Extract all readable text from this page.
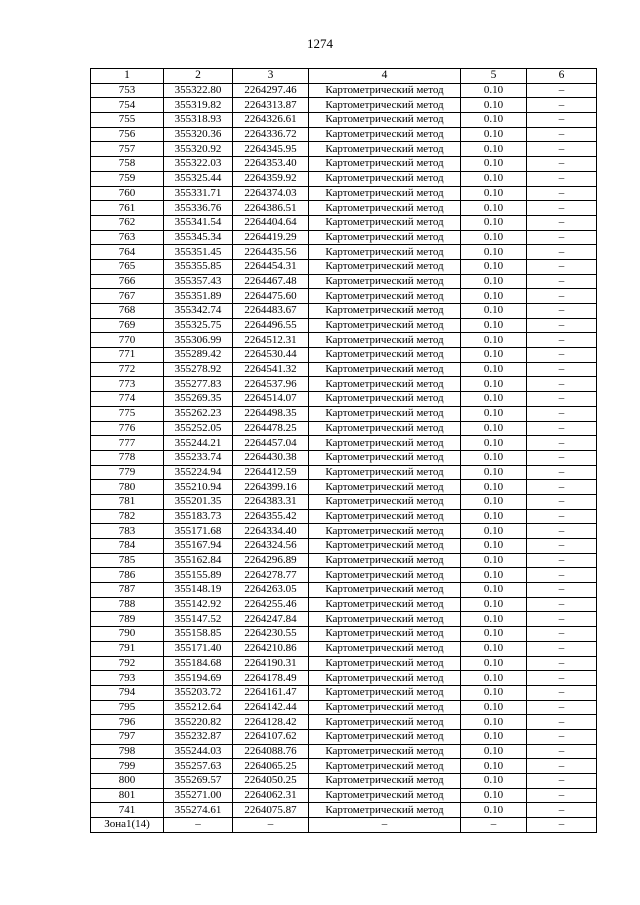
1274
1	2	3	4	5	6
753	355322.80	2264297.46	Картометрический метод	0.10	–
754	355319.82	2264313.87	Картометрический метод	0.10	–
755	355318.93	2264326.61	Картометрический метод	0.10	–
756	355320.36	2264336.72	Картометрический метод	0.10	–
757	355320.92	2264345.95	Картометрический метод	0.10	–
758	355322.03	2264353.40	Картометрический метод	0.10	–
759	355325.44	2264359.92	Картометрический метод	0.10	–
760	355331.71	2264374.03	Картометрический метод	0.10	–
761	355336.76	2264386.51	Картометрический метод	0.10	–
762	355341.54	2264404.64	Картометрический метод	0.10	–
763	355345.34	2264419.29	Картометрический метод	0.10	–
764	355351.45	2264435.56	Картометрический метод	0.10	–
765	355355.85	2264454.31	Картометрический метод	0.10	–
766	355357.43	2264467.48	Картометрический метод	0.10	–
767	355351.89	2264475.60	Картометрический метод	0.10	–
768	355342.74	2264483.67	Картометрический метод	0.10	–
769	355325.75	2264496.55	Картометрический метод	0.10	–
770	355306.99	2264512.31	Картометрический метод	0.10	–
771	355289.42	2264530.44	Картометрический метод	0.10	–
772	355278.92	2264541.32	Картометрический метод	0.10	–
773	355277.83	2264537.96	Картометрический метод	0.10	–
774	355269.35	2264514.07	Картометрический метод	0.10	–
775	355262.23	2264498.35	Картометрический метод	0.10	–
776	355252.05	2264478.25	Картометрический метод	0.10	–
777	355244.21	2264457.04	Картометрический метод	0.10	–
778	355233.74	2264430.38	Картометрический метод	0.10	–
779	355224.94	2264412.59	Картометрический метод	0.10	–
780	355210.94	2264399.16	Картометрический метод	0.10	–
781	355201.35	2264383.31	Картометрический метод	0.10	–
782	355183.73	2264355.42	Картометрический метод	0.10	–
783	355171.68	2264334.40	Картометрический метод	0.10	–
784	355167.94	2264324.56	Картометрический метод	0.10	–
785	355162.84	2264296.89	Картометрический метод	0.10	–
786	355155.89	2264278.77	Картометрический метод	0.10	–
787	355148.19	2264263.05	Картометрический метод	0.10	–
788	355142.92	2264255.46	Картометрический метод	0.10	–
789	355147.52	2264247.84	Картометрический метод	0.10	–
790	355158.85	2264230.55	Картометрический метод	0.10	–
791	355171.40	2264210.86	Картометрический метод	0.10	–
792	355184.68	2264190.31	Картометрический метод	0.10	–
793	355194.69	2264178.49	Картометрический метод	0.10	–
794	355203.72	2264161.47	Картометрический метод	0.10	–
795	355212.64	2264142.44	Картометрический метод	0.10	–
796	355220.82	2264128.42	Картометрический метод	0.10	–
797	355232.87	2264107.62	Картометрический метод	0.10	–
798	355244.03	2264088.76	Картометрический метод	0.10	–
799	355257.63	2264065.25	Картометрический метод	0.10	–
800	355269.57	2264050.25	Картометрический метод	0.10	–
801	355271.00	2264062.31	Картометрический метод	0.10	–
741	355274.61	2264075.87	Картометрический метод	0.10	–
Зона1(14)	–	–	–	–	–
